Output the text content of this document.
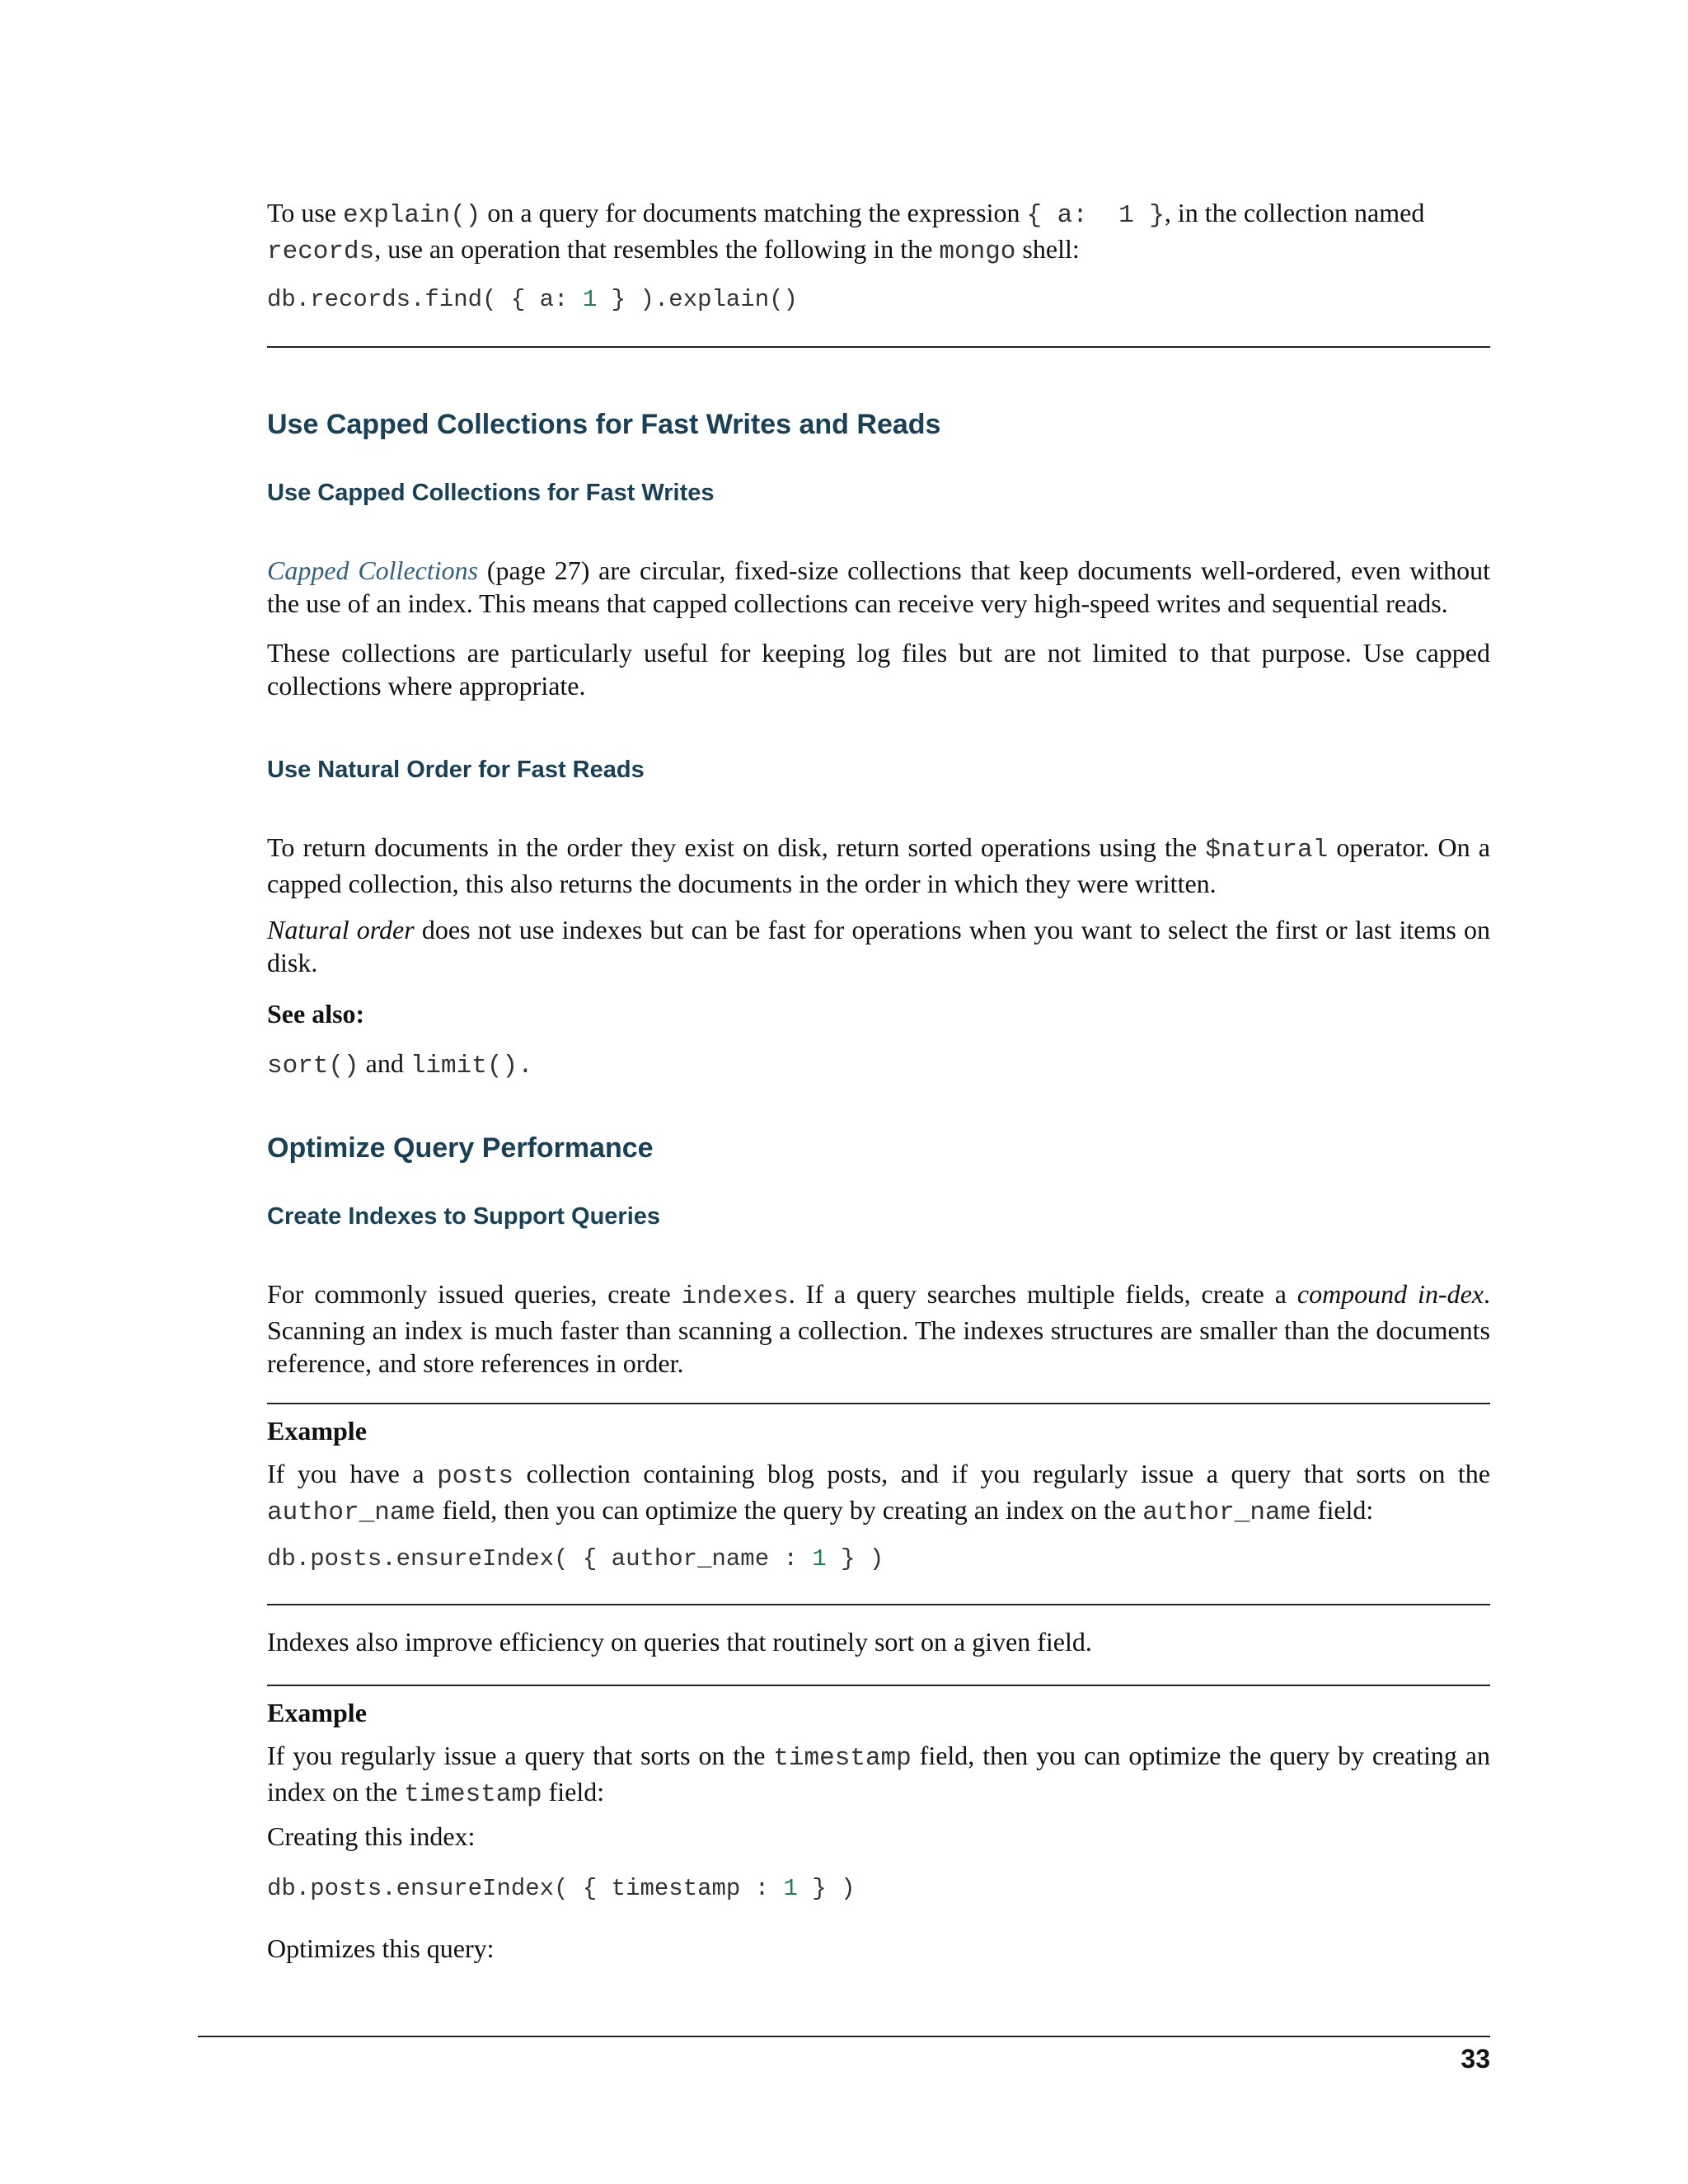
To use explain() on a query for documents matching the expression { a:  1 }, in the collection named
records, use an operation that resembles the following in the mongo shell:

db.records.find( { a: 1 } ).explain()
Use Capped Collections for Fast Writes and Reads
Use Capped Collections for Fast Writes

Capped Collections (page 27) are circular, fixed-size collections that keep documents well-ordered, even without the use of an index. This means that capped collections can receive very high-speed writes and sequential reads.

These collections are particularly useful for keeping log files but are not limited to that purpose. Use capped collections where appropriate.

Use Natural Order for Fast Reads

To return documents in the order they exist on disk, return sorted operations using the $natural operator. On a capped collection, this also returns the documents in the order in which they were written.

Natural order does not use indexes but can be fast for operations when you want to select the first or last items on disk.

See also:

sort() and limit().

Optimize Query Performance
Create Indexes to Support Queries

For commonly issued queries, create indexes. If a query searches multiple fields, create a compound in-dex. Scanning an index is much faster than scanning a collection. The indexes structures are smaller than the documents reference, and store references in order.

Example

If you have a posts collection containing blog posts, and if you regularly issue a query that sorts on the author_name field, then you can optimize the query by creating an index on the author_name field:

db.posts.ensureIndex( { author_name : 1 } )

Indexes also improve efficiency on queries that routinely sort on a given field.

Example

If you regularly issue a query that sorts on the timestamp field, then you can optimize the query by creating an index on the timestamp field:

Creating this index:

db.posts.ensureIndex( { timestamp : 1 } )

Optimizes this query:

33
